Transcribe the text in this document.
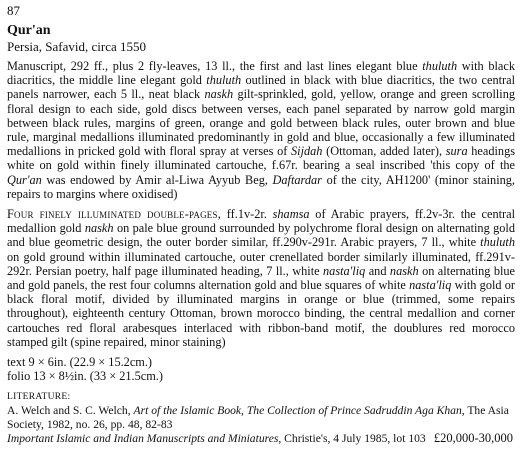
87
Qur'an
Persia, Safavid, circa 1550

Manuscript, 292 ff., plus 2 fly-leaves, 13 ll., the first and last lines elegant blue thuluth with black diacritics, the middle line elegant gold thuluth outlined in black with blue diacritics, the two central panels narrower, each 5 ll., neat black naskh gilt-sprinkled, gold, yellow, orange and green scrolling floral design to each side, gold discs between verses, each panel separated by narrow gold margin between black rules, margins of green, orange and gold between black rules, outer brown and blue rule, marginal medallions illuminated predominantly in gold and blue, occasionally a few illuminated medallions in pricked gold with floral spray at verses of Sijdah (Ottoman, added later), sura headings white on gold within finely illuminated cartouche, f.67r. bearing a seal inscribed 'this copy of the Qur'an was endowed by Amir al-Liwa Ayyub Beg, Daftardar of the city, AH1200' (minor staining, repairs to margins where oxidised)

Four finely illuminated double-pages, ff.1v-2r. shamsa of Arabic prayers, ff.2v-3r. the central medallion gold naskh on pale blue ground surrounded by polychrome floral design on alternating gold and blue geometric design, the outer border similar, ff.290v-291r. Arabic prayers, 7 ll., white thuluth on gold ground within illuminated cartouche, outer crenellated border similarly illuminated, ff.291v-292r. Persian poetry, half page illuminated heading, 7 ll., white nasta'liq and naskh on alternating blue and gold panels, the rest four columns alternation gold and blue squares of white nasta'liq with gold or black floral motif, divided by illuminated margins in orange or blue (trimmed, some repairs throughout), eighteenth century Ottoman, brown morocco binding, the central medallion and corner cartouches red floral arabesques interlaced with ribbon-band motif, the doublures red morocco stamped gilt (spine repaired, minor staining)

text 9 × 6in. (22.9 × 15.2cm.)
folio 13 × 8½in. (33 × 21.5cm.)
LITERATURE:
A. Welch and S. C. Welch, Art of the Islamic Book, The Collection of Prince Sadruddin Aga Khan, The Asia Society, 1982, no. 26, pp. 48, 82-83
Important Islamic and Indian Manuscripts and Miniatures, Christie's, 4 July 1985, lot 103 £20,000-30,000
